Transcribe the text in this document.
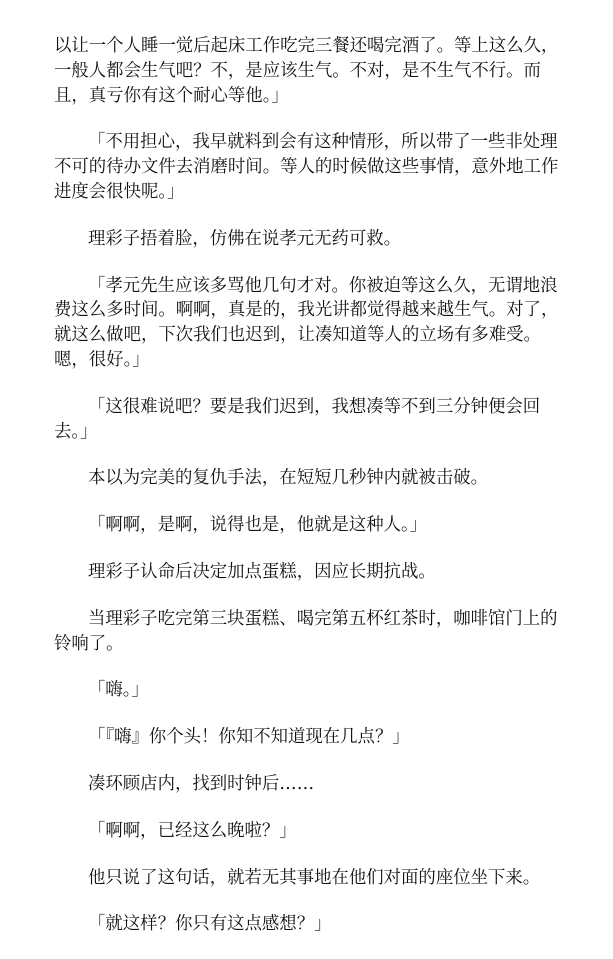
以让一个人睡一觉后起床工作吃完三餐还喝完酒了。等上这么久，一般人都会生气吧？不，是应该生气。不对，是不生气不行。而且，真亏你有这个耐心等他。」

「不用担心，我早就料到会有这种情形，所以带了一些非处理不可的待办文件去消磨时间。等人的时候做这些事情，意外地工作进度会很快呢。」

理彩子捂着脸，仿佛在说孝元无药可救。

「孝元先生应该多骂他几句才对。你被迫等这么久，无谓地浪费这么多时间。啊啊，真是的，我光讲都觉得越来越生气。对了，就这么做吧，下次我们也迟到，让凑知道等人的立场有多难受。嗯，很好。」

「这很难说吧？要是我们迟到，我想凑等不到三分钟便会回去。」

本以为完美的复仇手法，在短短几秒钟内就被击破。

「啊啊，是啊，说得也是，他就是这种人。」

理彩子认命后决定加点蛋糕，因应长期抗战。

当理彩子吃完第三块蛋糕、喝完第五杯红茶时，咖啡馆门上的铃响了。

「嗨。」

「『嗨』你个头！你知不知道现在几点？」

凑环顾店内，找到时钟后……

「啊啊，已经这么晚啦？」

他只说了这句话，就若无其事地在他们对面的座位坐下来。

「就这样？你只有这点感想？」
